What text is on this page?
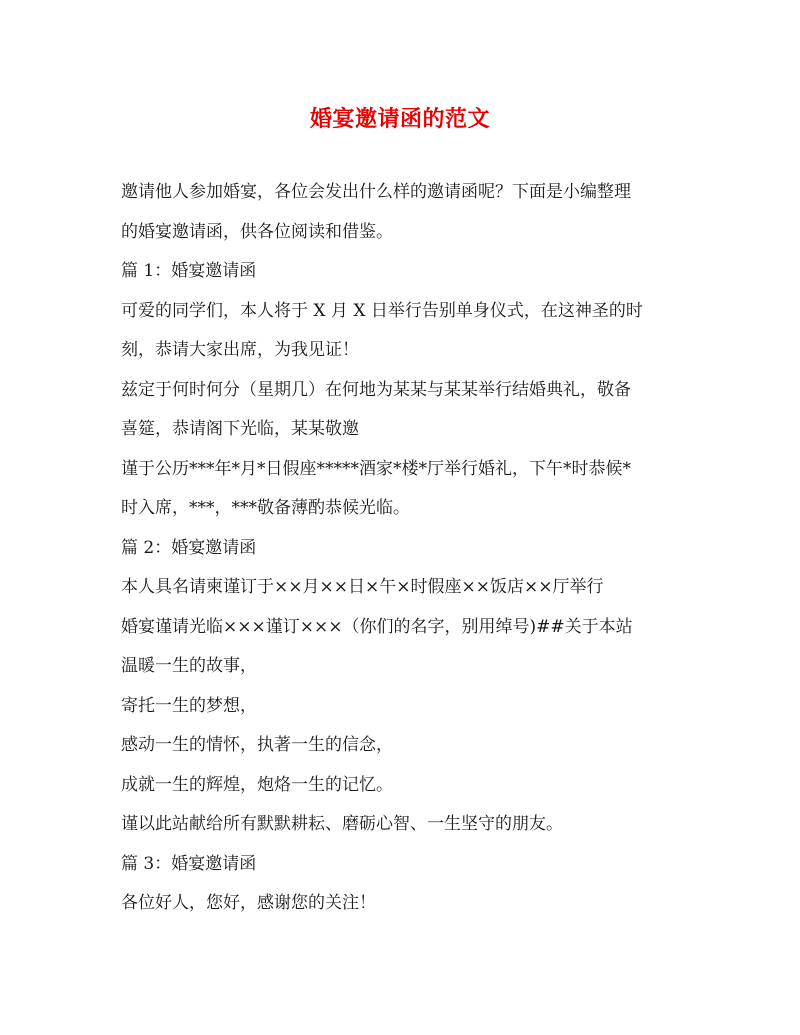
婚宴邀请函的范文

邀请他人参加婚宴，各位会发出什么样的邀请函呢？下面是小编整理

的婚宴邀请函，供各位阅读和借鉴。

篇 1：婚宴邀请函

可爱的同学们，本人将于 X 月 X 日举行告别单身仪式，在这神圣的时

刻，恭请大家出席，为我见证！

兹定于何时何分（星期几）在何地为某某与某某举行结婚典礼，敬备

喜筵，恭请阁下光临，某某敬邀

谨于公历***年*月*日假座*****酒家*楼*厅举行婚礼，下午*时恭候*

时入席，***，***敬备薄酌恭候光临。

篇 2：婚宴邀请函

本人具名请柬谨订于××月××日×午×时假座××饭店××厅举行

婚宴谨请光临×××谨订×××（你们的名字，别用绰号)##关于本站

温暖一生的故事，

寄托一生的梦想，

感动一生的情怀，执著一生的信念，

成就一生的辉煌，炮烙一生的记忆。

谨以此站献给所有默默耕耘、磨砺心智、一生坚守的朋友。

篇 3：婚宴邀请函

各位好人，您好，感谢您的关注！
